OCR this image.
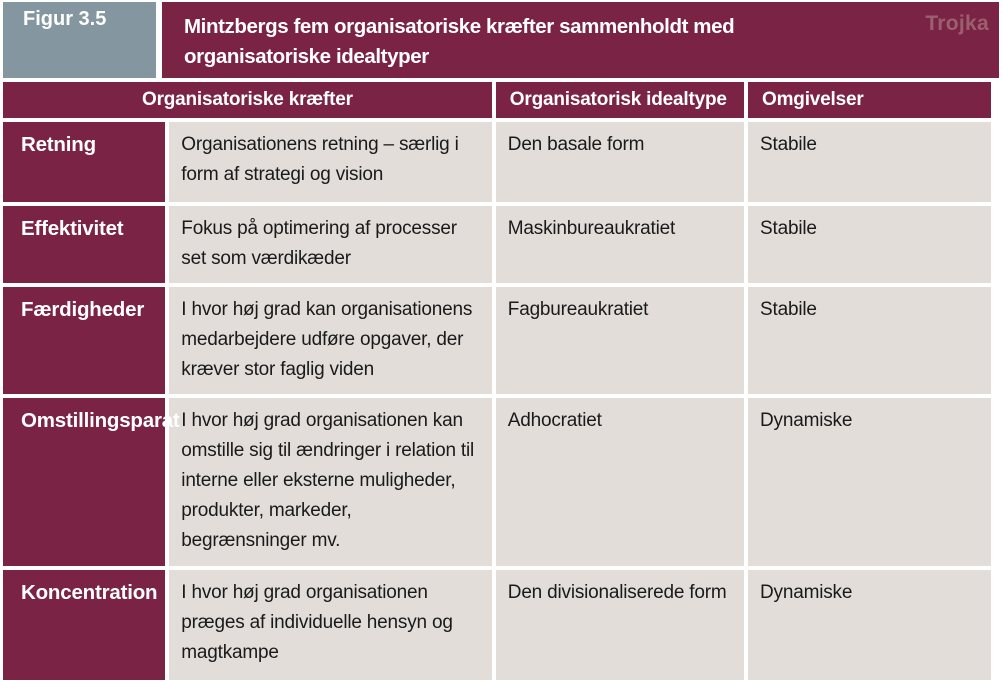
Figur 3.5	Mintzbergs fem organisatoriske kræfter sammenholdt med organisatoriske idealtyper
Trojka
Organisatoriske kræfter		Organisatorisk idealtype	Omgivelser
Retning	Organisationens retning – særlig i form af strategi og vision	Den basale form	Stabile
Effektivitet	Fokus på optimering af processer set som værdikæder	Maskinbureaukratiet	Stabile
Færdigheder	I hvor høj grad kan organisationens medarbejdere udføre opgaver, der kræver stor faglig viden	Fagbureaukratiet	Stabile
Omstillingsparat	I hvor høj grad organisationen kan omstille sig til ændringer i relation til interne eller eksterne muligheder, produkter, markeder, begrænsninger mv.	Adhocratiet	Dynamiske
Koncentration	I hvor høj grad organisationen præges af individuelle hensyn og magtkampe	Den divisionaliserede form	Dynamiske
